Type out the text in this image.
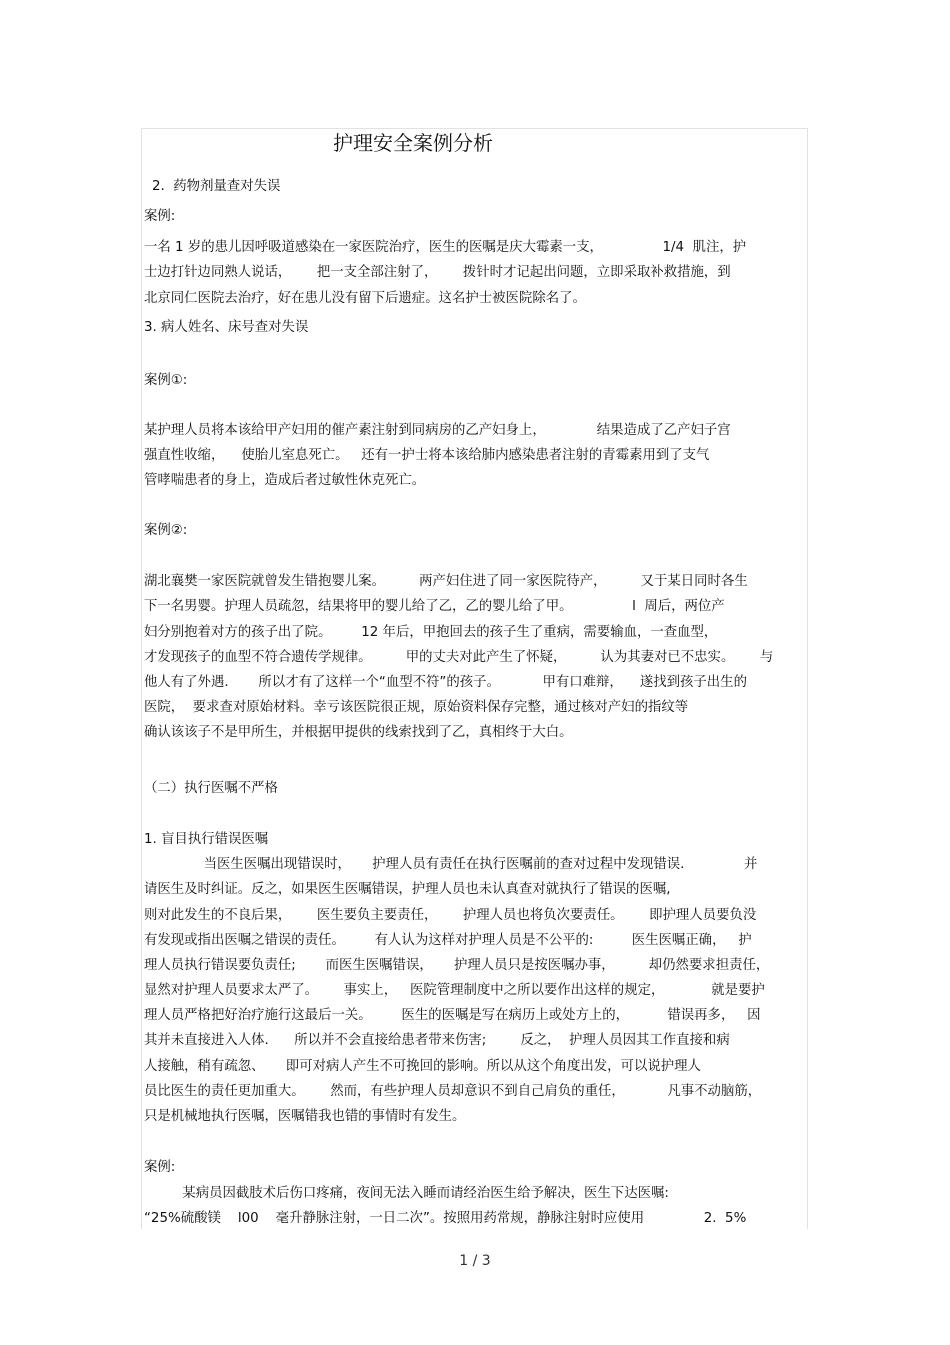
护理安全案例分析
2.  药物剂量查对失误
案例:
一名 1 岁的患儿因呼吸道感染在一家医院治疗，医生的医嘱是庆大霉素一支，              1/4  肌注，护
士边打针边同熟人说话，      把一支全部注射了，      拨针时才记起出问题，立即采取补救措施，到
北京同仁医院去治疗，好在患儿没有留下后遗症。这名护士被医院除名了。
3. 病人姓名、床号查对失误
案例①:
某护理人员将本该给甲产妇用的催产素注射到同病房的乙产妇身上，            结果造成了乙产妇子宫
强直性收缩，    使胎儿室息死亡。   还有一护士将本该给肺内感染患者注射的青霉素用到了支气
管哮喘患者的身上，造成后者过敏性休克死亡。
案例②:
湖北襄樊一家医院就曾发生错抱婴儿案。        两产妇住进了同一家医院待产，        又于某日同时各生
下一名男婴。护理人员疏忽，结果将甲的婴儿给了乙，乙的婴儿给了甲。              l  周后，两位产
妇分别抱着对方的孩子出了院。       12 年后，甲抱回去的孩子生了重病，需要输血，一查血型，
才发现孩子的血型不符合遗传学规律。        甲的丈夫对此产生了怀疑，        认为其妻对已不忠实。      与
他人有了外遇.       所以才有了这样一个“血型不符”的孩子。          甲有口难辩，    遂找到孩子出生的
医院，  要求查对原始材料。幸亏该医院很正规，原始资料保存完整，通过核对产妇的指纹等
确认该该子不是甲所生，并根据甲提供的线索找到了乙，真相终于大白。
（二）执行医嘱不严格
1. 盲目执行错误医嘱
当医生医嘱出现错误时，     护理人员有责任在执行医嘱前的查对过程中发现错误.              并
请医生及时纠证。反之，如果医生医嘱错误，护理人员也未认真查对就执行了错误的医嘱,
则对此发生的不良后果，      医生要负主要责任，      护理人员也将负次要责任。      即护理人员要负没
有发现或指出医嘱之错误的责任。       有人认为这样对护理人员是不公平的:         医生医嘱正确，   护
理人员执行错误要负责任;       而医生医嘱错误，     护理人员只是按医嘱办事，        却仍然要求担责任，
显然对护理人员要求太严了。      事实上，   医院管理制度中之所以要作出这样的规定，           就是要护
理人员严格把好治疗施行这最后一关。       医生的医嘱是写在病历上或处方上的，         错误再多，   因
其并未直接进入人体.      所以并不会直接给患者带来伤害;        反之，  护理人员因其工作直接和病
人接触，稍有疏忽、     即可对病人产生不可挽回的影响。所以从这个角度出发，可以说护理人
员比医生的责任更加重大。      然而，有些护理人员却意识不到自己肩负的重任，          凡事不动脑筋，
只是机械地执行医嘱，医嘱错我也错的事情时有发生。
案例:
某病员因截肢术后伤口疼痛，夜间无法入睡而请经治医生给予解决，医生下达医嘱:
“25%硫酸镁    l00    毫升静脉注射，一日二次”。按照用药常规，静脉注射时应使用              2.  5%
1 / 3
